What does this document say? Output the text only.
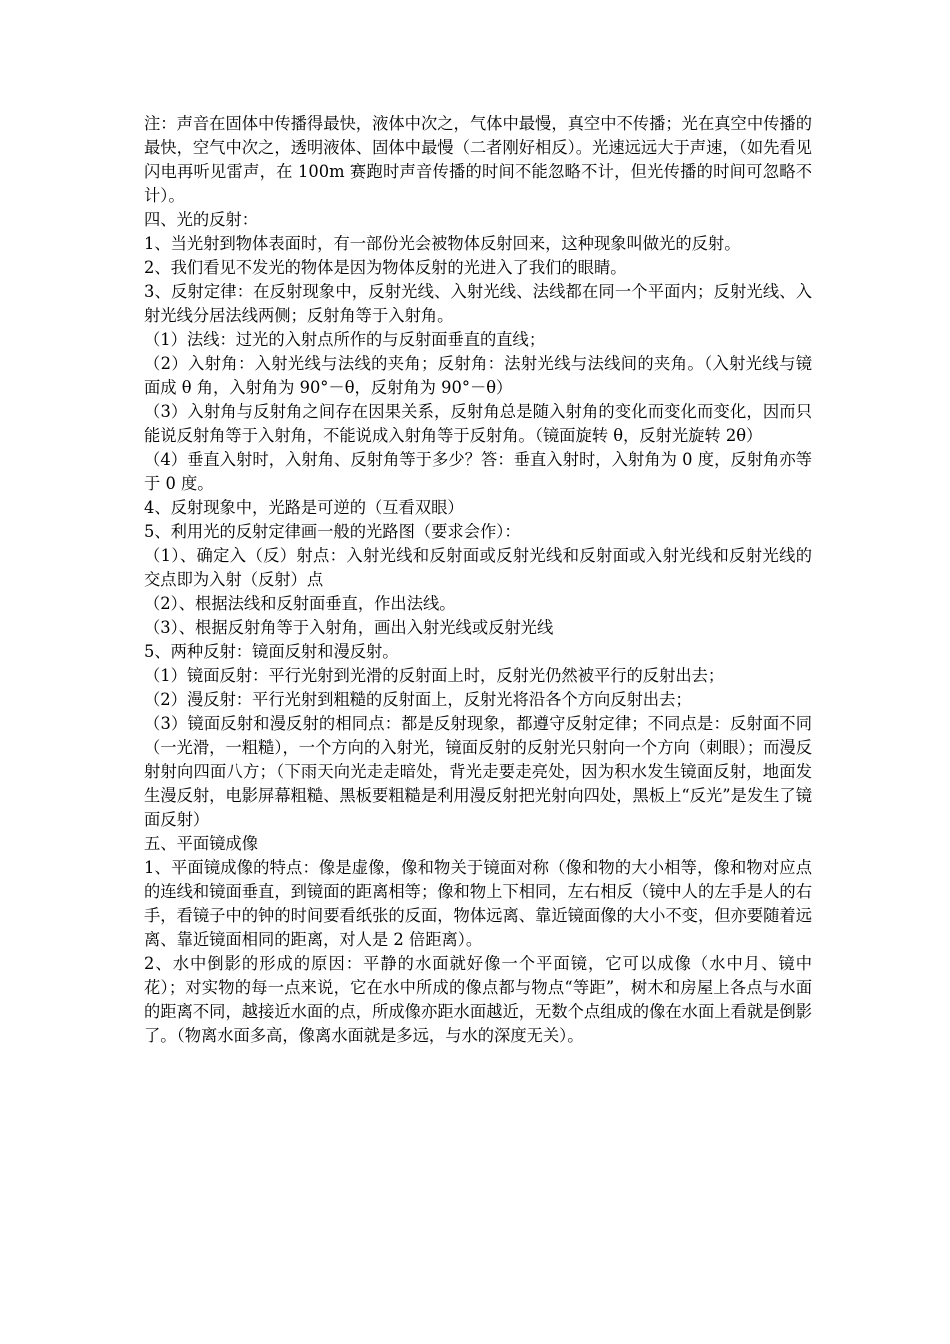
注：声音在固体中传播得最快，液体中次之，气体中最慢，真空中不传播；光在真空中传播的最快，空气中次之，透明液体、固体中最慢（二者刚好相反）。光速远远大于声速，（如先看见闪电再听见雷声，在 100m 赛跑时声音传播的时间不能忽略不计，但光传播的时间可忽略不计）。

四、光的反射：

1、当光射到物体表面时，有一部份光会被物体反射回来，这种现象叫做光的反射。

2、我们看见不发光的物体是因为物体反射的光进入了我们的眼睛。

3、反射定律：在反射现象中，反射光线、入射光线、法线都在同一个平面内；反射光线、入射光线分居法线两侧；反射角等于入射角。

（1）法线：过光的入射点所作的与反射面垂直的直线；

（2）入射角：入射光线与法线的夹角；反射角：法射光线与法线间的夹角。（入射光线与镜面成 θ 角，入射角为 90°－θ，反射角为 90°－θ）

（3）入射角与反射角之间存在因果关系，反射角总是随入射角的变化而变化而变化，因而只能说反射角等于入射角，不能说成入射角等于反射角。（镜面旋转 θ，反射光旋转 2θ）

（4）垂直入射时，入射角、反射角等于多少？答：垂直入射时，入射角为 0 度，反射角亦等于 0 度。

4、反射现象中，光路是可逆的（互看双眼）

5、利用光的反射定律画一般的光路图（要求会作）：

（1）、确定入（反）射点：入射光线和反射面或反射光线和反射面或入射光线和反射光线的交点即为入射（反射）点

（2）、根据法线和反射面垂直，作出法线。

（3）、根据反射角等于入射角，画出入射光线或反射光线

5、两种反射：镜面反射和漫反射。

（1）镜面反射：平行光射到光滑的反射面上时，反射光仍然被平行的反射出去；

（2）漫反射：平行光射到粗糙的反射面上，反射光将沿各个方向反射出去；

（3）镜面反射和漫反射的相同点：都是反射现象，都遵守反射定律；不同点是：反射面不同（一光滑，一粗糙），一个方向的入射光，镜面反射的反射光只射向一个方向（刺眼）；而漫反射射向四面八方；（下雨天向光走走暗处，背光走要走亮处，因为积水发生镜面反射，地面发生漫反射，电影屏幕粗糙、黑板要粗糙是利用漫反射把光射向四处，黑板上“反光”是发生了镜面反射）

五、平面镜成像

1、平面镜成像的特点：像是虚像，像和物关于镜面对称（像和物的大小相等，像和物对应点的连线和镜面垂直，到镜面的距离相等；像和物上下相同，左右相反（镜中人的左手是人的右手，看镜子中的钟的时间要看纸张的反面，物体远离、靠近镜面像的大小不变，但亦要随着远离、靠近镜面相同的距离，对人是 2 倍距离）。

2、水中倒影的形成的原因：平静的水面就好像一个平面镜，它可以成像（水中月、镜中花）；对实物的每一点来说，它在水中所成的像点都与物点“等距”，树木和房屋上各点与水面的距离不同，越接近水面的点，所成像亦距水面越近，无数个点组成的像在水面上看就是倒影了。（物离水面多高，像离水面就是多远，与水的深度无关）。
